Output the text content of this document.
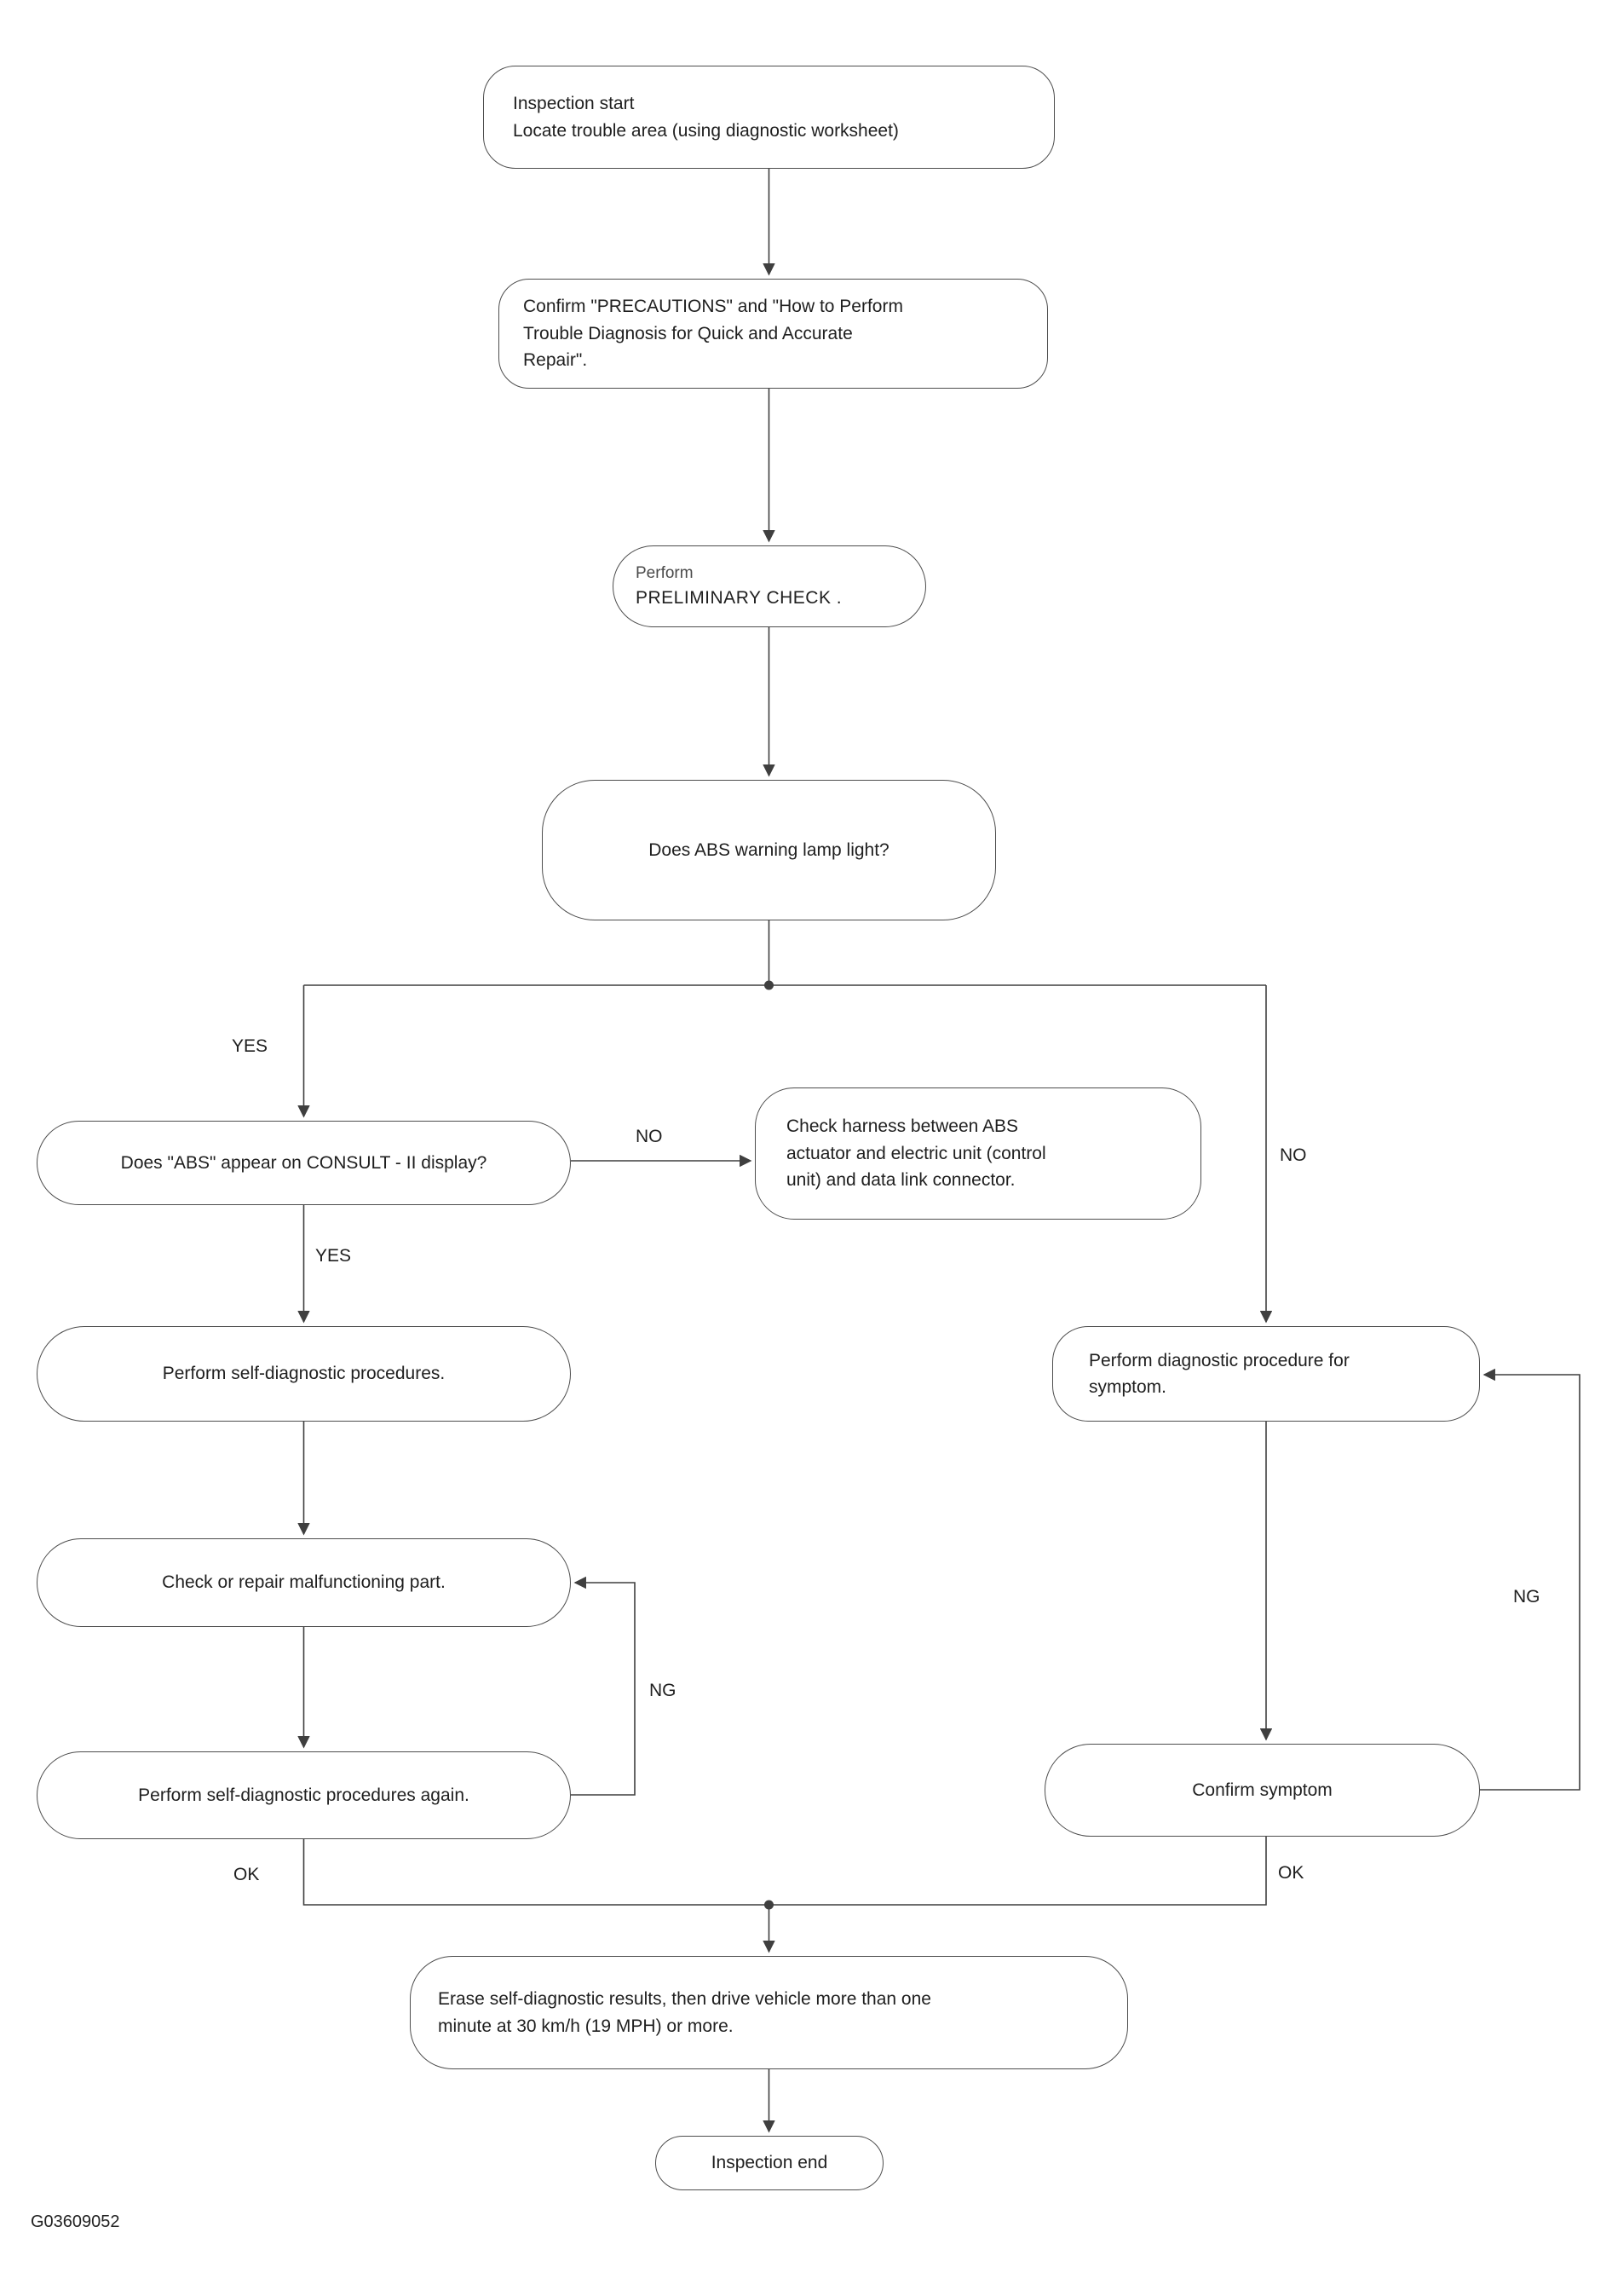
Inspection start
Locate trouble area (using diagnostic worksheet)
Confirm "PRECAUTIONS" and "How to Perform
Trouble Diagnosis for Quick and Accurate
Repair".
Perform
PRELIMINARY CHECK .
Does ABS warning lamp light?
Does "ABS" appear on CONSULT - II display?
Check harness between ABS
actuator and electric unit (control
unit) and data link connector.
Perform self-diagnostic procedures.
Perform diagnostic procedure for
symptom.
Check or repair malfunctioning part.
Perform self-diagnostic procedures again.	Confirm symptom
Erase self-diagnostic results, then drive vehicle more than one
minute at 30 km/h (19 MPH) or more.
Inspection end
YES
NO
NO
YES
NG
NG
OK	OK
G03609052
